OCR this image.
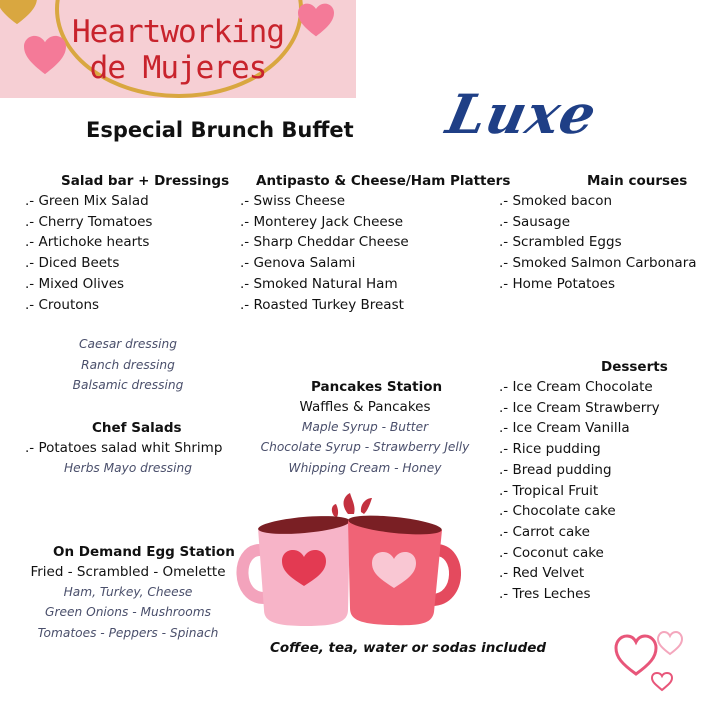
Heartworking
de Mujeres
Especial Brunch Buffet Luxe
Salad bar + Dressings
.- Green Mix Salad
.- Cherry Tomatoes
.- Artichoke hearts
.- Diced Beets
.- Mixed Olives
.- Croutons
Caesar dressing
Ranch dressing
Balsamic dressing
Antipasto & Cheese/Ham Platters
.- Swiss Cheese
.- Monterey Jack Cheese
.- Sharp Cheddar Cheese
.- Genova Salami
.- Smoked Natural Ham
.- Roasted Turkey Breast
Main courses
.- Smoked bacon
.- Sausage
.- Scrambled Eggs
.- Smoked Salmon Carbonara
.- Home Potatoes
Chef Salads
.- Potatoes salad whit Shrimp
Herbs Mayo dressing
Pancakes Station
Waffles & Pancakes
Maple Syrup - Butter
Chocolate Syrup - Strawberry Jelly
Whipping Cream - Honey
Desserts
.- Ice Cream Chocolate
.- Ice Cream Strawberry
.- Ice Cream Vanilla
.- Rice pudding
.- Bread pudding
.- Tropical Fruit
.- Chocolate cake
.- Carrot cake
.- Coconut cake
.- Red Velvet
.- Tres Leches
On Demand Egg Station
Fried - Scrambled - Omelette
Ham, Turkey, Cheese
Green Onions - Mushrooms
Tomatoes - Peppers - Spinach
Coffee, tea, water or sodas included
